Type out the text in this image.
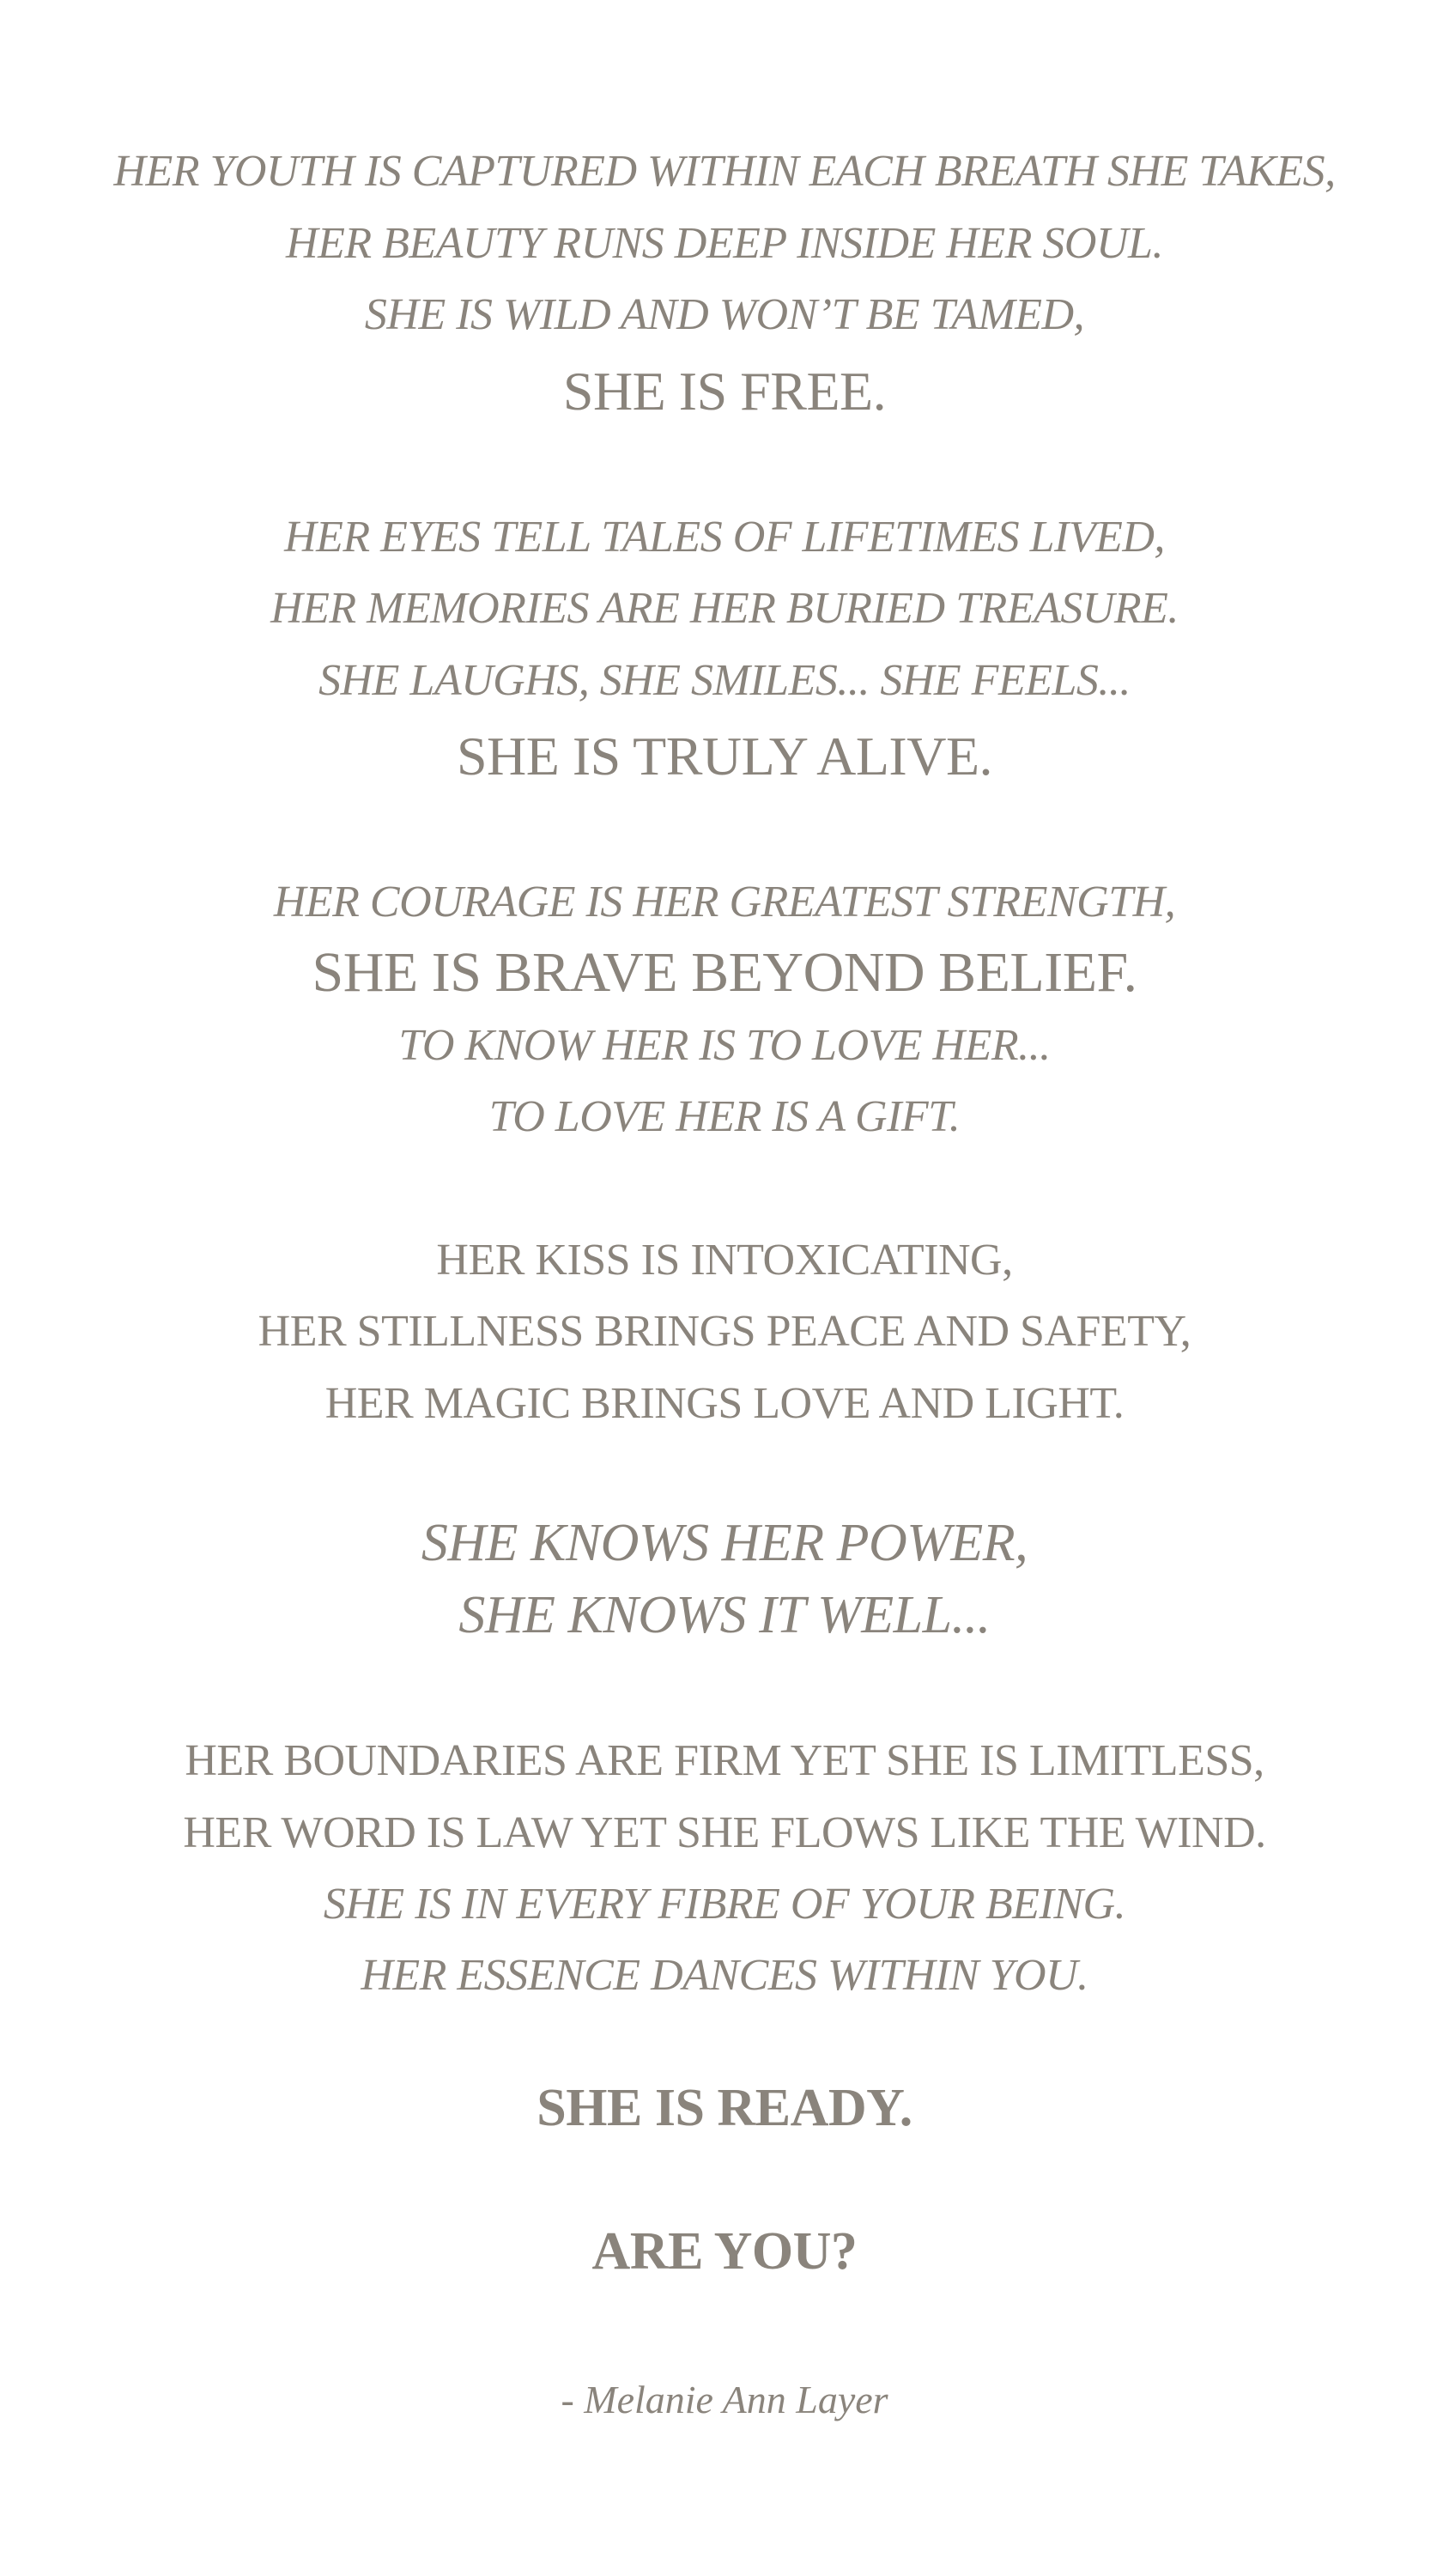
HER YOUTH IS CAPTURED WITHIN EACH BREATH SHE TAKES,
HER BEAUTY RUNS DEEP INSIDE HER SOUL.
SHE IS WILD AND WON’T BE TAMED,
SHE IS FREE.
HER EYES TELL TALES OF LIFETIMES LIVED,
HER MEMORIES ARE HER BURIED TREASURE.
SHE LAUGHS, SHE SMILES... SHE FEELS...
SHE IS TRULY ALIVE.
HER COURAGE IS HER GREATEST STRENGTH,
SHE IS BRAVE BEYOND BELIEF.
TO KNOW HER IS TO LOVE HER...
TO LOVE HER IS A GIFT.
HER KISS IS INTOXICATING,
HER STILLNESS BRINGS PEACE AND SAFETY,
HER MAGIC BRINGS LOVE AND LIGHT.
SHE KNOWS HER POWER,
SHE KNOWS IT WELL...
HER BOUNDARIES ARE FIRM YET SHE IS LIMITLESS,
HER WORD IS LAW YET SHE FLOWS LIKE THE WIND.
SHE IS IN EVERY FIBRE OF YOUR BEING.
HER ESSENCE DANCES WITHIN YOU.
SHE IS READY.
ARE YOU?
- Melanie Ann Layer
